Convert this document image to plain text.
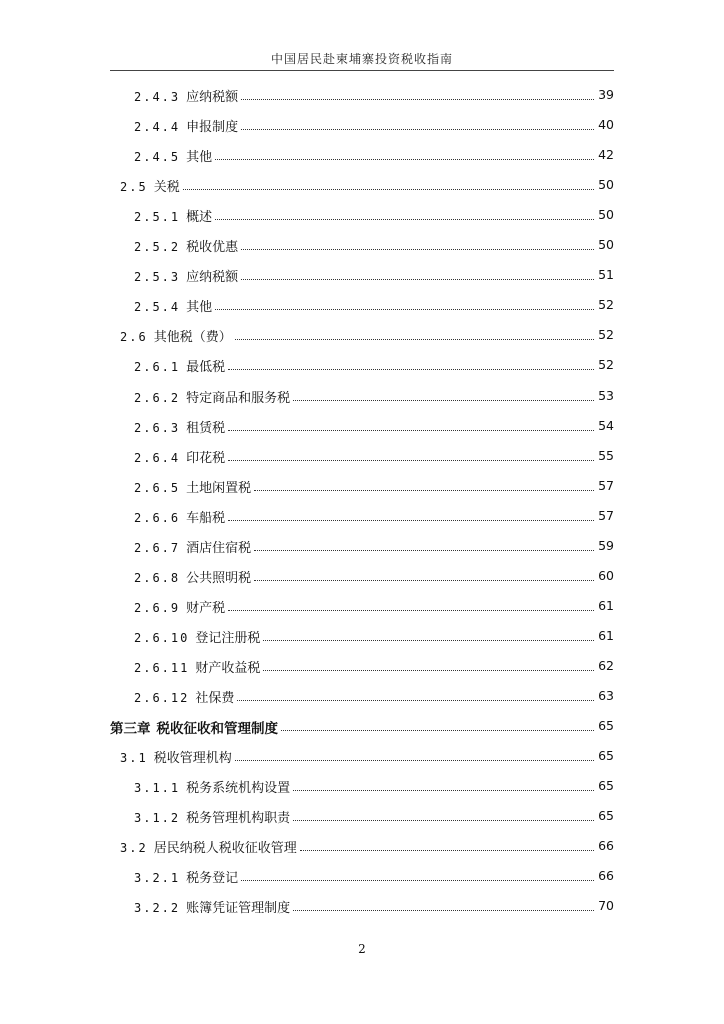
中国居民赴柬埔寨投资税收指南
2.4.3 应纳税额	39
2.4.4 申报制度	40
2.4.5 其他	42
2.5 关税	50
2.5.1 概述	50
2.5.2 税收优惠	50
2.5.3 应纳税额	51
2.5.4 其他	52
2.6 其他税（费）	52
2.6.1 最低税	52
2.6.2 特定商品和服务税	53
2.6.3 租赁税	54
2.6.4 印花税	55
2.6.5 土地闲置税	57
2.6.6 车船税	57
2.6.7 酒店住宿税	59
2.6.8 公共照明税	60
2.6.9 财产税	61
2.6.10 登记注册税	61
2.6.11 财产收益税	62
2.6.12 社保费	63
第三章 税收征收和管理制度	65
3.1 税收管理机构	65
3.1.1 税务系统机构设置	65
3.1.2 税务管理机构职责	65
3.2 居民纳税人税收征收管理	66
3.2.1 税务登记	66
3.2.2 账簿凭证管理制度	70
2
